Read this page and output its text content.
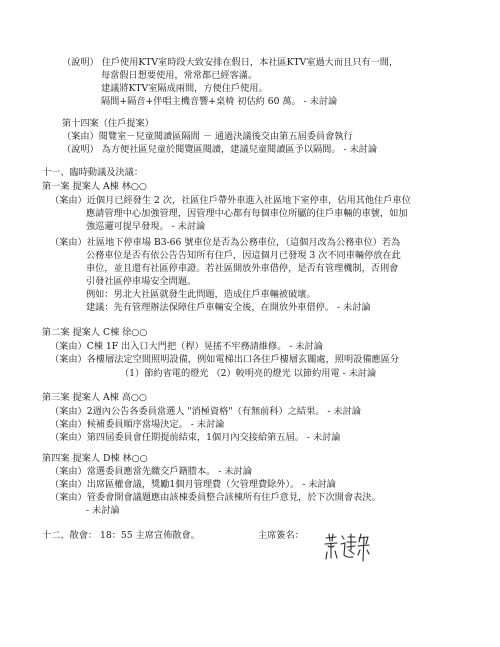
（說明） 住戶使用KTV室時段大致安排在假日，本社區KTV室過大而且只有一間，
每當假日想要使用，常常都已經客滿。
建議將KTV室隔成兩間，方便住戶使用。
隔間+隔音+伴唱主機音響+桌椅 初估約 60 萬。 - 未討論
第十四案（住戶提案）
（案由）閱覽室－兒童閱讀區隔間 － 通過決議後交由第五屆委員會執行
（說明） 為方便社區兒童於閱覽區閱讀，建議兒童閱讀區予以隔間。 - 未討論
十一、臨時動議及決議：
第一案 提案人 A棟 林○○
（案由）近個月已經發生 2 次，社區住戶帶外車進入社區地下室停車，佔用其他住戶車位
應請管理中心加強管理，因管理中心都有每個車位所屬的住戶車輛的車號，如加
強巡邏可提早發現。 - 未討論
（案由）社區地下停車場 B3-66 號車位是否為公務車位，（這個月改為公務車位）若為
公務車位是否有依公告告知所有住戶，因這個月已發現 3 次不同車輛停放在此
車位，並且還有社區停車證。若社區開放外車借停，是否有管理機制，否則會
引發社區停車場安全問題。
例如：男北大社區就發生此問題，造成住戶車輛被破壞。
建議：先有管理辦法保障住戶車輛安全後，在開放外車借停。 - 未討論
第二案 提案人 C棟 徐○○
（案由）C棟 1F 出入口大門把（桿）晃搖不牢務請維修。 - 未討論
（案由）各樓層法定空間照明設備，例如電梯出口各住戶樓層玄關處，照明設備應區分
（1）節約省電的燈光 （2）較明亮的燈光 以節約用電 - 未討論
第三案 提案人 A棟 高○○
（案由）2週內公告各委員當選人 "消極資格"（有無前科）之結果。 - 未討論
（案由）候補委員順序當場決定。 - 未討論
（案由）第四屆委員會任期提前結束，1個月內交接給第五屆。 - 未討論
第四案 提案人 D棟 林○○
（案由）當選委員應當先繳交戶籍謄本。 - 未討論
（案由）出席區權會議，獎勵1個月管理費（欠管理費除外）。 - 未討論
（案由）管委會開會議題應由該棟委員整合該棟所有住戶意見，於下次開會表決。
- 未討論
十二、散會： 18：55 主席宣佈散會。	主席簽名：
